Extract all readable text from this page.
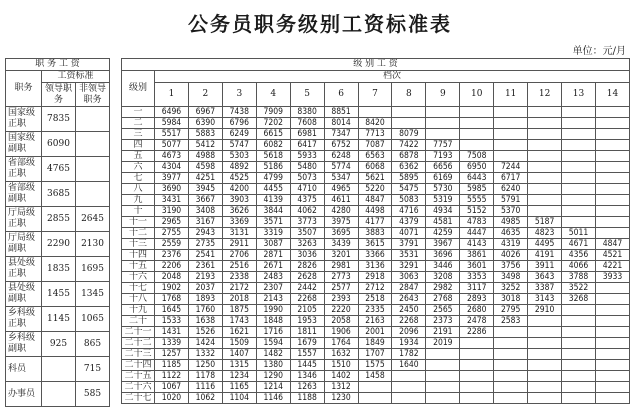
公务员职务级别工资标准表
单位：元/月
职 务 工 资		
职务	工资标准	
	领导职务	非领导职务
国家级正职	7835	
国家级副职	6090	
省部级正职	4765	
省部级副职	3685	
厅局级正职	2855	2645
厅局级副职	2290	2130
县处级正职	1835	1695
县处级副职	1455	1345
乡科级正职	1145	1065
乡科级副职	925	865
科员		715
办事员		585
级 别 工 资														
级别	档次													
	1	2	3	4	5	6	7	8	9	10	11	12	13	14
一	6496	6967	7438	7909	8380	8851								
二	5984	6390	6796	7202	7608	8014	8420							
三	5517	5883	6249	6615	6981	7347	7713	8079						
四	5077	5412	5747	6082	6417	6752	7087	7422	7757					
五	4673	4988	5303	5618	5933	6248	6563	6878	7193	7508				
六	4304	4598	4892	5186	5480	5774	6068	6362	6656	6950	7244			
七	3977	4251	4525	4799	5073	5347	5621	5895	6169	6443	6717			
八	3690	3945	4200	4455	4710	4965	5220	5475	5730	5985	6240			
九	3431	3667	3903	4139	4375	4611	4847	5083	5319	5555	5791			
十	3190	3408	3626	3844	4062	4280	4498	4716	4934	5152	5370			
十一	2965	3167	3369	3571	3773	3975	4177	4379	4581	4783	4985	5187		
十二	2755	2943	3131	3319	3507	3695	3883	4071	4259	4447	4635	4823	5011	
十三	2559	2735	2911	3087	3263	3439	3615	3791	3967	4143	4319	4495	4671	4847
十四	2376	2541	2706	2871	3036	3201	3366	3531	3696	3861	4026	4191	4356	4521
十五	2206	2361	2516	2671	2826	2981	3136	3291	3446	3601	3756	3911	4066	4221
十六	2048	2193	2338	2483	2628	2773	2918	3063	3208	3353	3498	3643	3788	3933
十七	1902	2037	2172	2307	2442	2577	2712	2847	2982	3117	3252	3387	3522	
十八	1768	1893	2018	2143	2268	2393	2518	2643	2768	2893	3018	3143	3268	
十九	1645	1760	1875	1990	2105	2220	2335	2450	2565	2680	2795	2910		
二十	1533	1638	1743	1848	1953	2058	2163	2268	2373	2478	2583			
二十一	1431	1526	1621	1716	1811	1906	2001	2096	2191	2286				
二十二	1339	1424	1509	1594	1679	1764	1849	1934	2019					
二十三	1257	1332	1407	1482	1557	1632	1707	1782						
二十四	1185	1250	1315	1380	1445	1510	1575	1640						
二十五	1122	1178	1234	1290	1346	1402	1458							
二十六	1067	1116	1165	1214	1263	1312								
二十七	1020	1062	1104	1146	1188	1230								
